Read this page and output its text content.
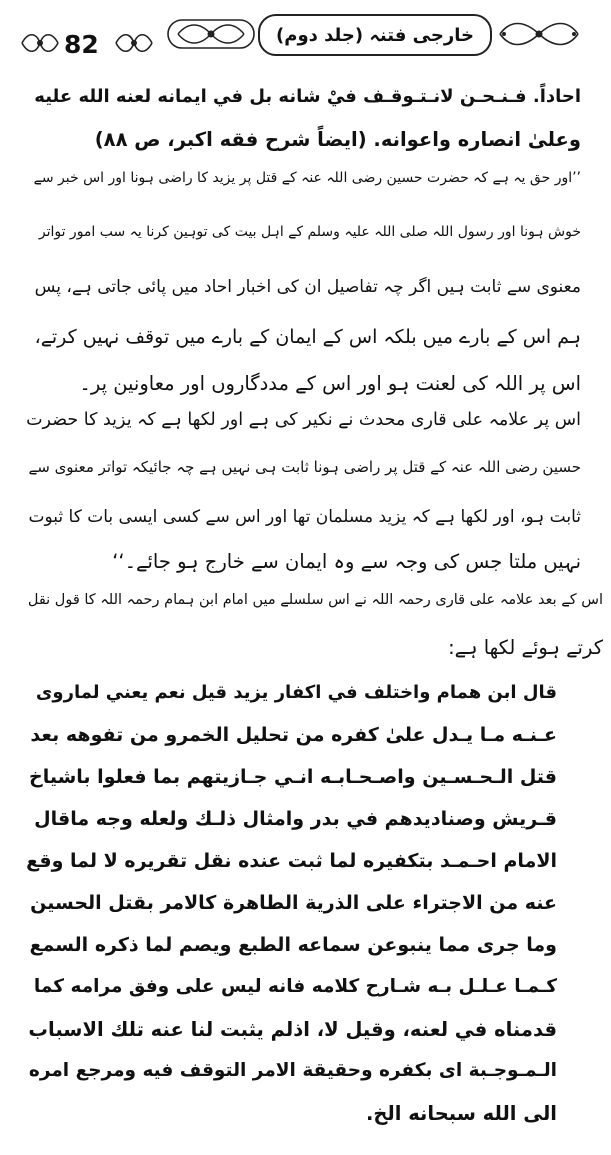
82	خارجی فتنہ (جلد دوم)
احاداً. فـنـحـن لانـتـوقـف فيْ شانه بل في ايمانه لعنه الله عليه
وعلىٰ انصاره واعوانه. (ايضاً شرح فقه اكبر، ص ۸۸)
’’اور حق یہ ہے کہ حضرت حسین رضی اللہ عنہ کے قتل پر یزید کا راضی ہونا اور اس خبر سے
خوش ہونا اور رسول اللہ صلی اللہ علیہ وسلم کے اہل بیت کی توہین کرنا یہ سب امور تواتر
معنوی سے ثابت ہیں اگر چہ تفاصیل ان کی اخبار احاد میں پائی جاتی ہے، پس
ہم اس کے بارے میں بلکہ اس کے ایمان کے بارے میں توقف نہیں کرتے،
اس پر اللہ کی لعنت ہو اور اس کے مددگاروں اور معاونین پر۔
اس پر علامہ علی قاری محدث نے نکیر کی ہے اور لکھا ہے کہ یزید کا حضرت
حسین رضی اللہ عنہ کے قتل پر راضی ہونا ثابت ہی نہیں ہے چہ جائیکہ تواتر معنوی سے
ثابت ہو، اور لکھا ہے کہ یزید مسلمان تھا اور اس سے کسی ایسی بات کا ثبوت
نہیں ملتا جس کی وجہ سے وہ ایمان سے خارج ہو جائے۔‘‘
اس کے بعد علامہ علی قاری رحمہ اللہ نے اس سلسلے میں امام ابن ہمام رحمہ اللہ کا قول نقل
کرتے ہوئے لکھا ہے:
قال ابن همام واختلف في اكفار يزيد قيل نعم يعني لماروى
عـنـه مـا يـدل علىٰ كفره من تحليل الخمرو من تفوهه بعد
قتل الـحـسـين واصـحـابـه انـي جـازيتهم بما فعلوا باشياخ
قـريش وصناديدهم في بدر وامثال ذلـك ولعله وجه ماقال
الامام احـمـد بتكفيره لما ثبت عنده نقل تقريره لا لما وقع
عنه من الاجتراء على الذرية الطاهرة كالامر بقتل الحسين
وما جرى مما ينبوعن سماعه الطبع ويصم لما ذكره السمع
كـمـا عـلـل بـه شـارح كلامه فانه ليس على وفق مرامه كما
قدمناه في لعنه، وقيل لا، اذلم يثبت لنا عنه تلك الاسباب
الـمـوجـبة اى بكفره وحقيقة الامر التوقف فيه ومرجع امره
الى الله سبحانه الخ.
